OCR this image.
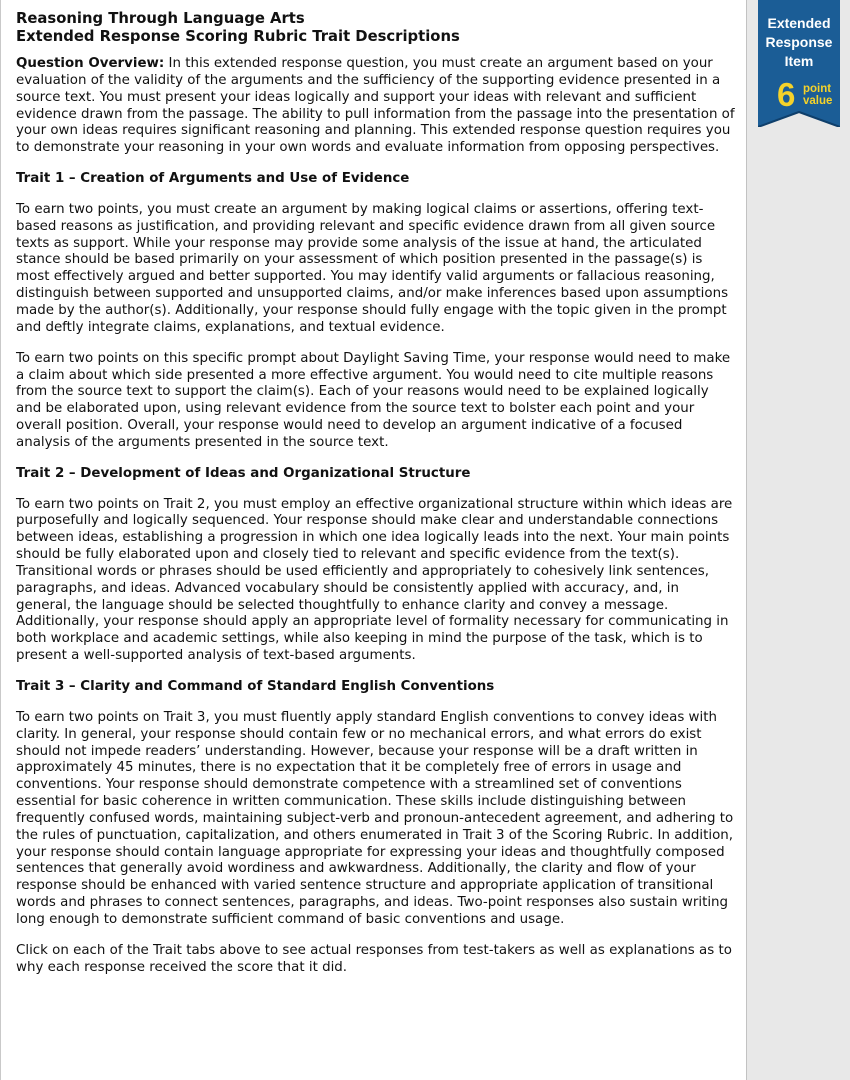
Reasoning Through Language Arts
Extended Response Scoring Rubric Trait Descriptions

Question Overview: In this extended response question, you must create an argument based on your evaluation of the validity of the arguments and the sufficiency of the supporting evidence presented in a source text. You must present your ideas logically and support your ideas with relevant and sufficient evidence drawn from the passage. The ability to pull information from the passage into the presentation of your own ideas requires significant reasoning and planning. This extended response question requires you to demonstrate your reasoning in your own words and evaluate information from opposing perspectives.

Trait 1 – Creation of Arguments and Use of Evidence

To earn two points, you must create an argument by making logical claims or assertions, offering text-based reasons as justification, and providing relevant and specific evidence drawn from all given source texts as support. While your response may provide some analysis of the issue at hand, the articulated stance should be based primarily on your assessment of which position presented in the passage(s) is most effectively argued and better supported. You may identify valid arguments or fallacious reasoning, distinguish between supported and unsupported claims, and/or make inferences based upon assumptions made by the author(s). Additionally, your response should fully engage with the topic given in the prompt and deftly integrate claims, explanations, and textual evidence.

To earn two points on this specific prompt about Daylight Saving Time, your response would need to make a claim about which side presented a more effective argument. You would need to cite multiple reasons from the source text to support the claim(s). Each of your reasons would need to be explained logically and be elaborated upon, using relevant evidence from the source text to bolster each point and your overall position. Overall, your response would need to develop an argument indicative of a focused analysis of the arguments presented in the source text.

Trait 2 – Development of Ideas and Organizational Structure

To earn two points on Trait 2, you must employ an effective organizational structure within which ideas are purposefully and logically sequenced. Your response should make clear and understandable connections between ideas, establishing a progression in which one idea logically leads into the next. Your main points should be fully elaborated upon and closely tied to relevant and specific evidence from the text(s). Transitional words or phrases should be used efficiently and appropriately to cohesively link sentences, paragraphs, and ideas. Advanced vocabulary should be consistently applied with accuracy, and, in general, the language should be selected thoughtfully to enhance clarity and convey a message. Additionally, your response should apply an appropriate level of formality necessary for communicating in both workplace and academic settings, while also keeping in mind the purpose of the task, which is to present a well-supported analysis of text-based arguments.

Trait 3 – Clarity and Command of Standard English Conventions

To earn two points on Trait 3, you must fluently apply standard English conventions to convey ideas with clarity. In general, your response should contain few or no mechanical errors, and what errors do exist should not impede readers’ understanding. However, because your response will be a draft written in approximately 45 minutes, there is no expectation that it be completely free of errors in usage and conventions. Your response should demonstrate competence with a streamlined set of conventions essential for basic coherence in written communication. These skills include distinguishing between frequently confused words, maintaining subject-verb and pronoun-antecedent agreement, and adhering to the rules of punctuation, capitalization, and others enumerated in Trait 3 of the Scoring Rubric. In addition, your response should contain language appropriate for expressing your ideas and thoughtfully composed sentences that generally avoid wordiness and awkwardness. Additionally, the clarity and flow of your response should be enhanced with varied sentence structure and appropriate application of transitional words and phrases to connect sentences, paragraphs, and ideas. Two-point responses also sustain writing long enough to demonstrate sufficient command of basic conventions and usage.

Click on each of the Trait tabs above to see actual responses from test-takers as well as explanations as to why each response received the score that it did.

Extended
Response
Item
6 point
value
